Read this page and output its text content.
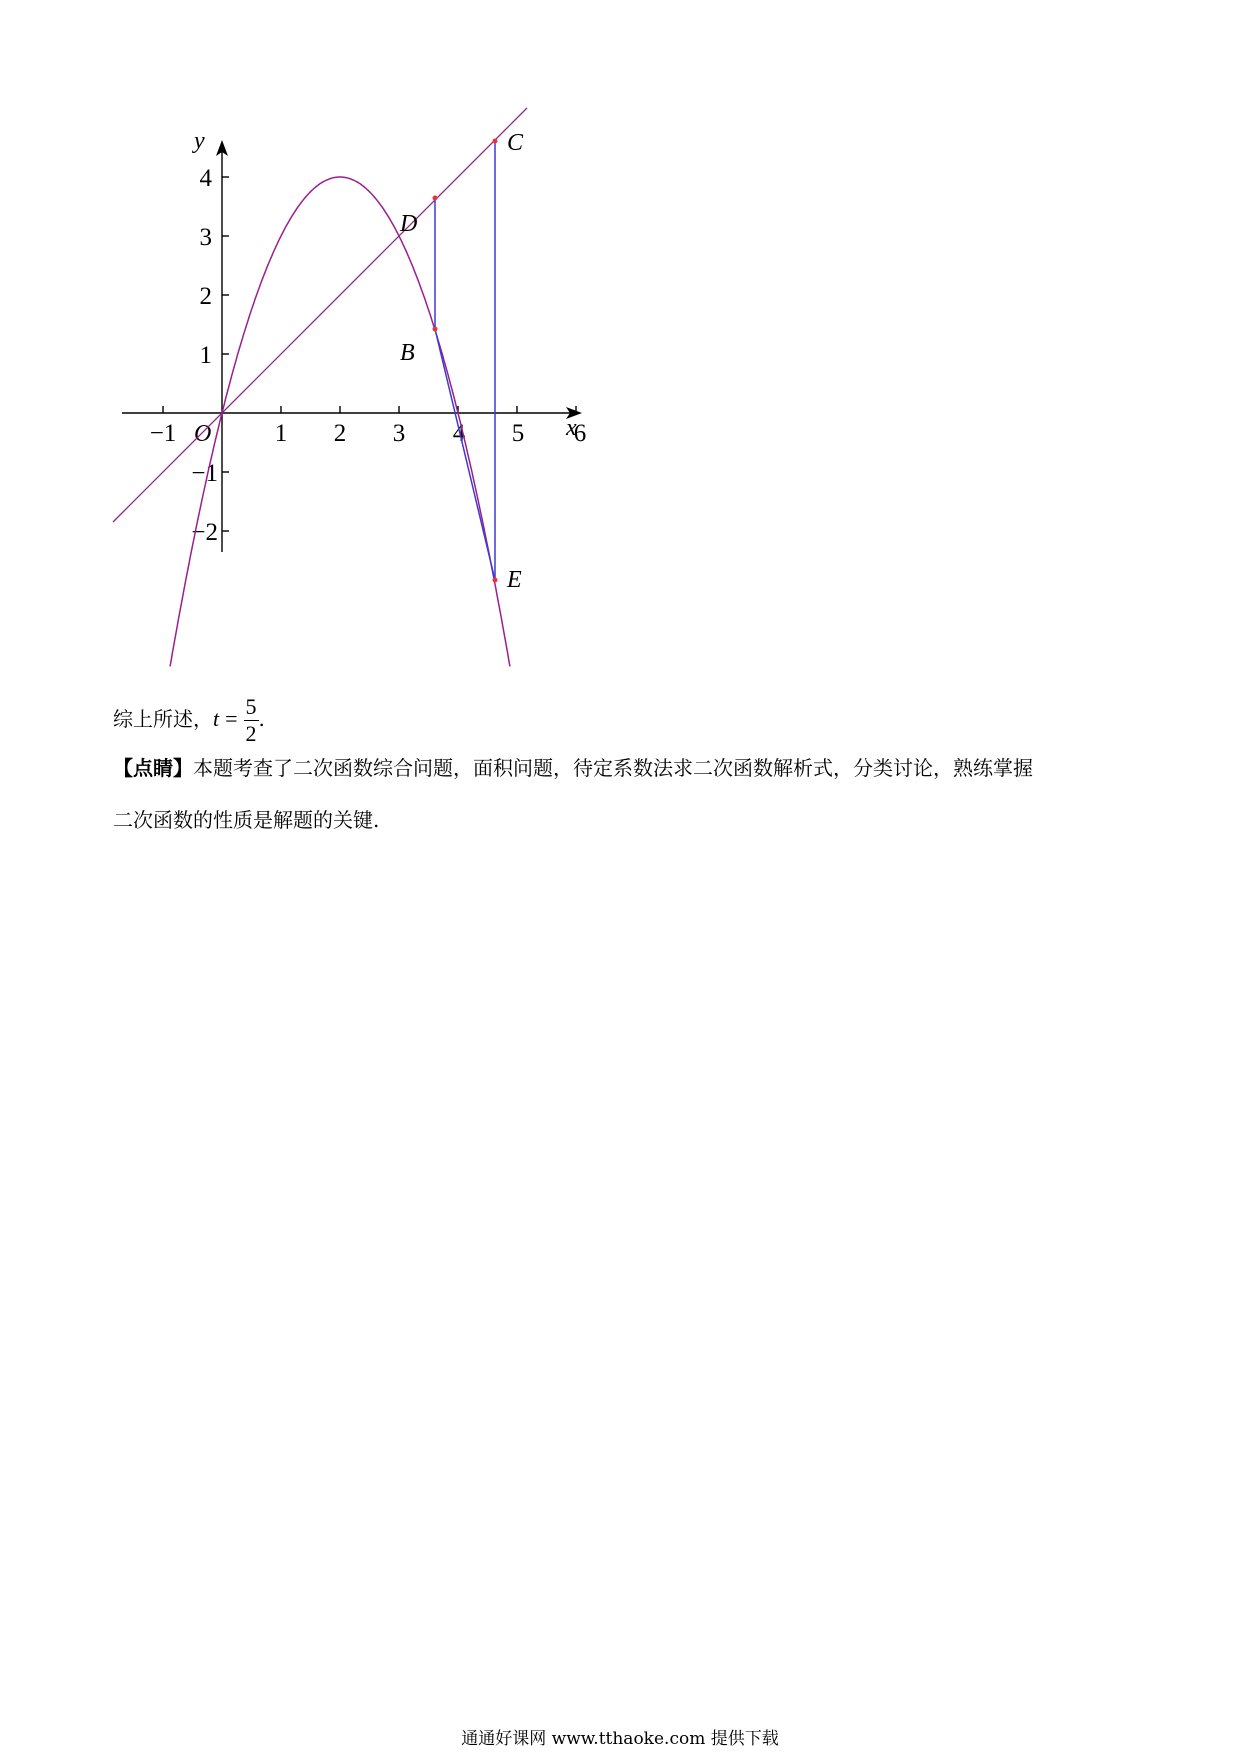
−1	1 2 3 4 5 6
4
3
2
1
−1
−2
y
x
O
C
D
B
E
综上所述，$t = \frac{5}{2}$ .
【点睛】本题考查了二次函数综合问题，面积问题，待定系数法求二次函数解析式，分类讨论，熟练掌握
二次函数的性质是解题的关键.
通通好课网 www.tthaoke.com 提供下载
